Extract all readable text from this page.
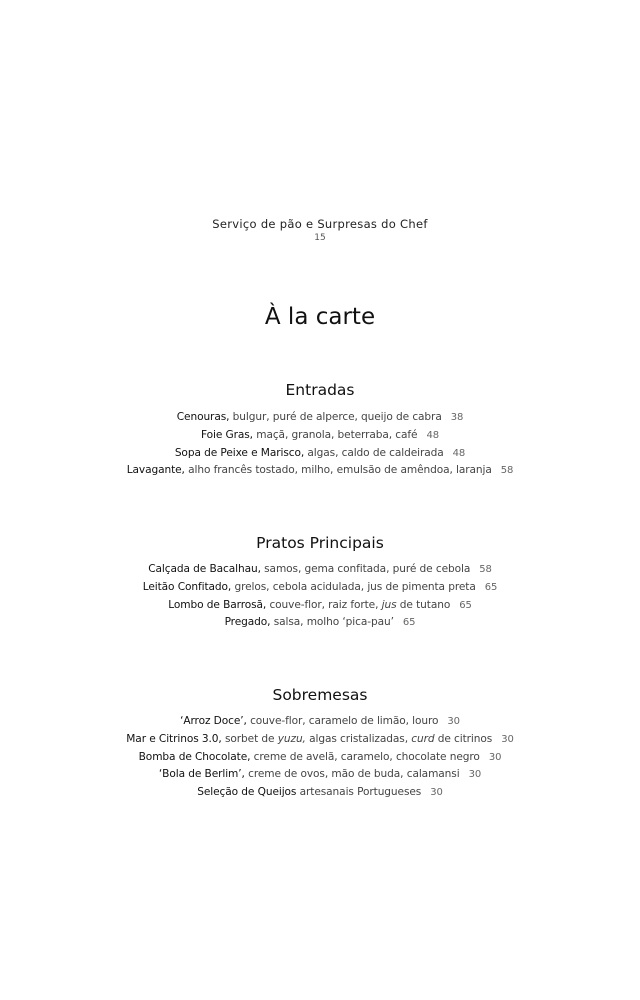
Serviço de pão e Surpresas do Chef
15
À la carte
Entradas
Cenouras, bulgur, puré de alperce, queijo de cabra 38
Foie Gras, maçã, granola, beterraba, café 48
Sopa de Peixe e Marisco, algas, caldo de caldeirada 48
Lavagante, alho francês tostado, milho, emulsão de amêndoa, laranja 58
Pratos Principais
Calçada de Bacalhau, samos, gema confitada, puré de cebola 58
Leitão Confitado, grelos, cebola acidulada, jus de pimenta preta 65
Lombo de Barrosã, couve-flor, raiz forte, jus de tutano 65
Pregado, salsa, molho ‘pica-pau’ 65
Sobremesas
‘Arroz Doce’, couve-flor, caramelo de limão, louro 30
Mar e Citrinos 3.0, sorbet de yuzu, algas cristalizadas, curd de citrinos 30
Bomba de Chocolate, creme de avelã, caramelo, chocolate negro 30
‘Bola de Berlim’, creme de ovos, mão de buda, calamansi 30
Seleção de Queijos artesanais Portugueses 30
